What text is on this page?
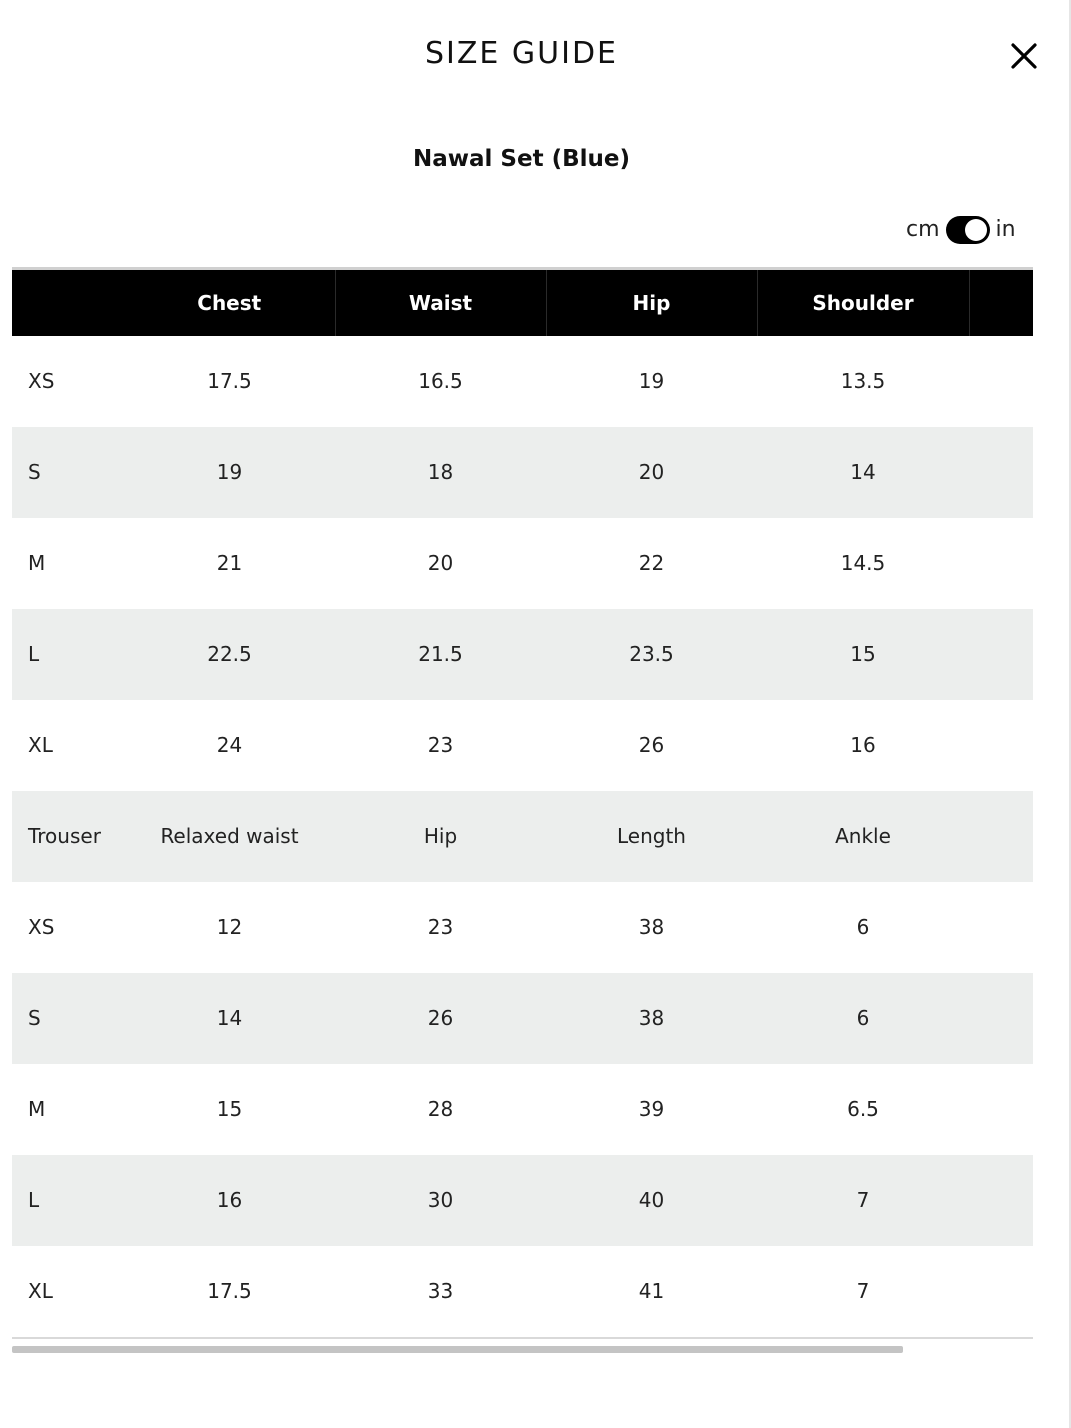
SIZE GUIDE
Nawal Set (Blue)
cm	in
	Chest	Waist	Hip	Shoulder	
XS	17.5	16.5	19	13.5	
S	19	18	20	14	
M	21	20	22	14.5	
L	22.5	21.5	23.5	15	
XL	24	23	26	16	
Trouser	Relaxed waist	Hip	Length	Ankle	
XS	12	23	38	6	
S	14	26	38	6	
M	15	28	39	6.5	
L	16	30	40	7	
XL	17.5	33	41	7	
